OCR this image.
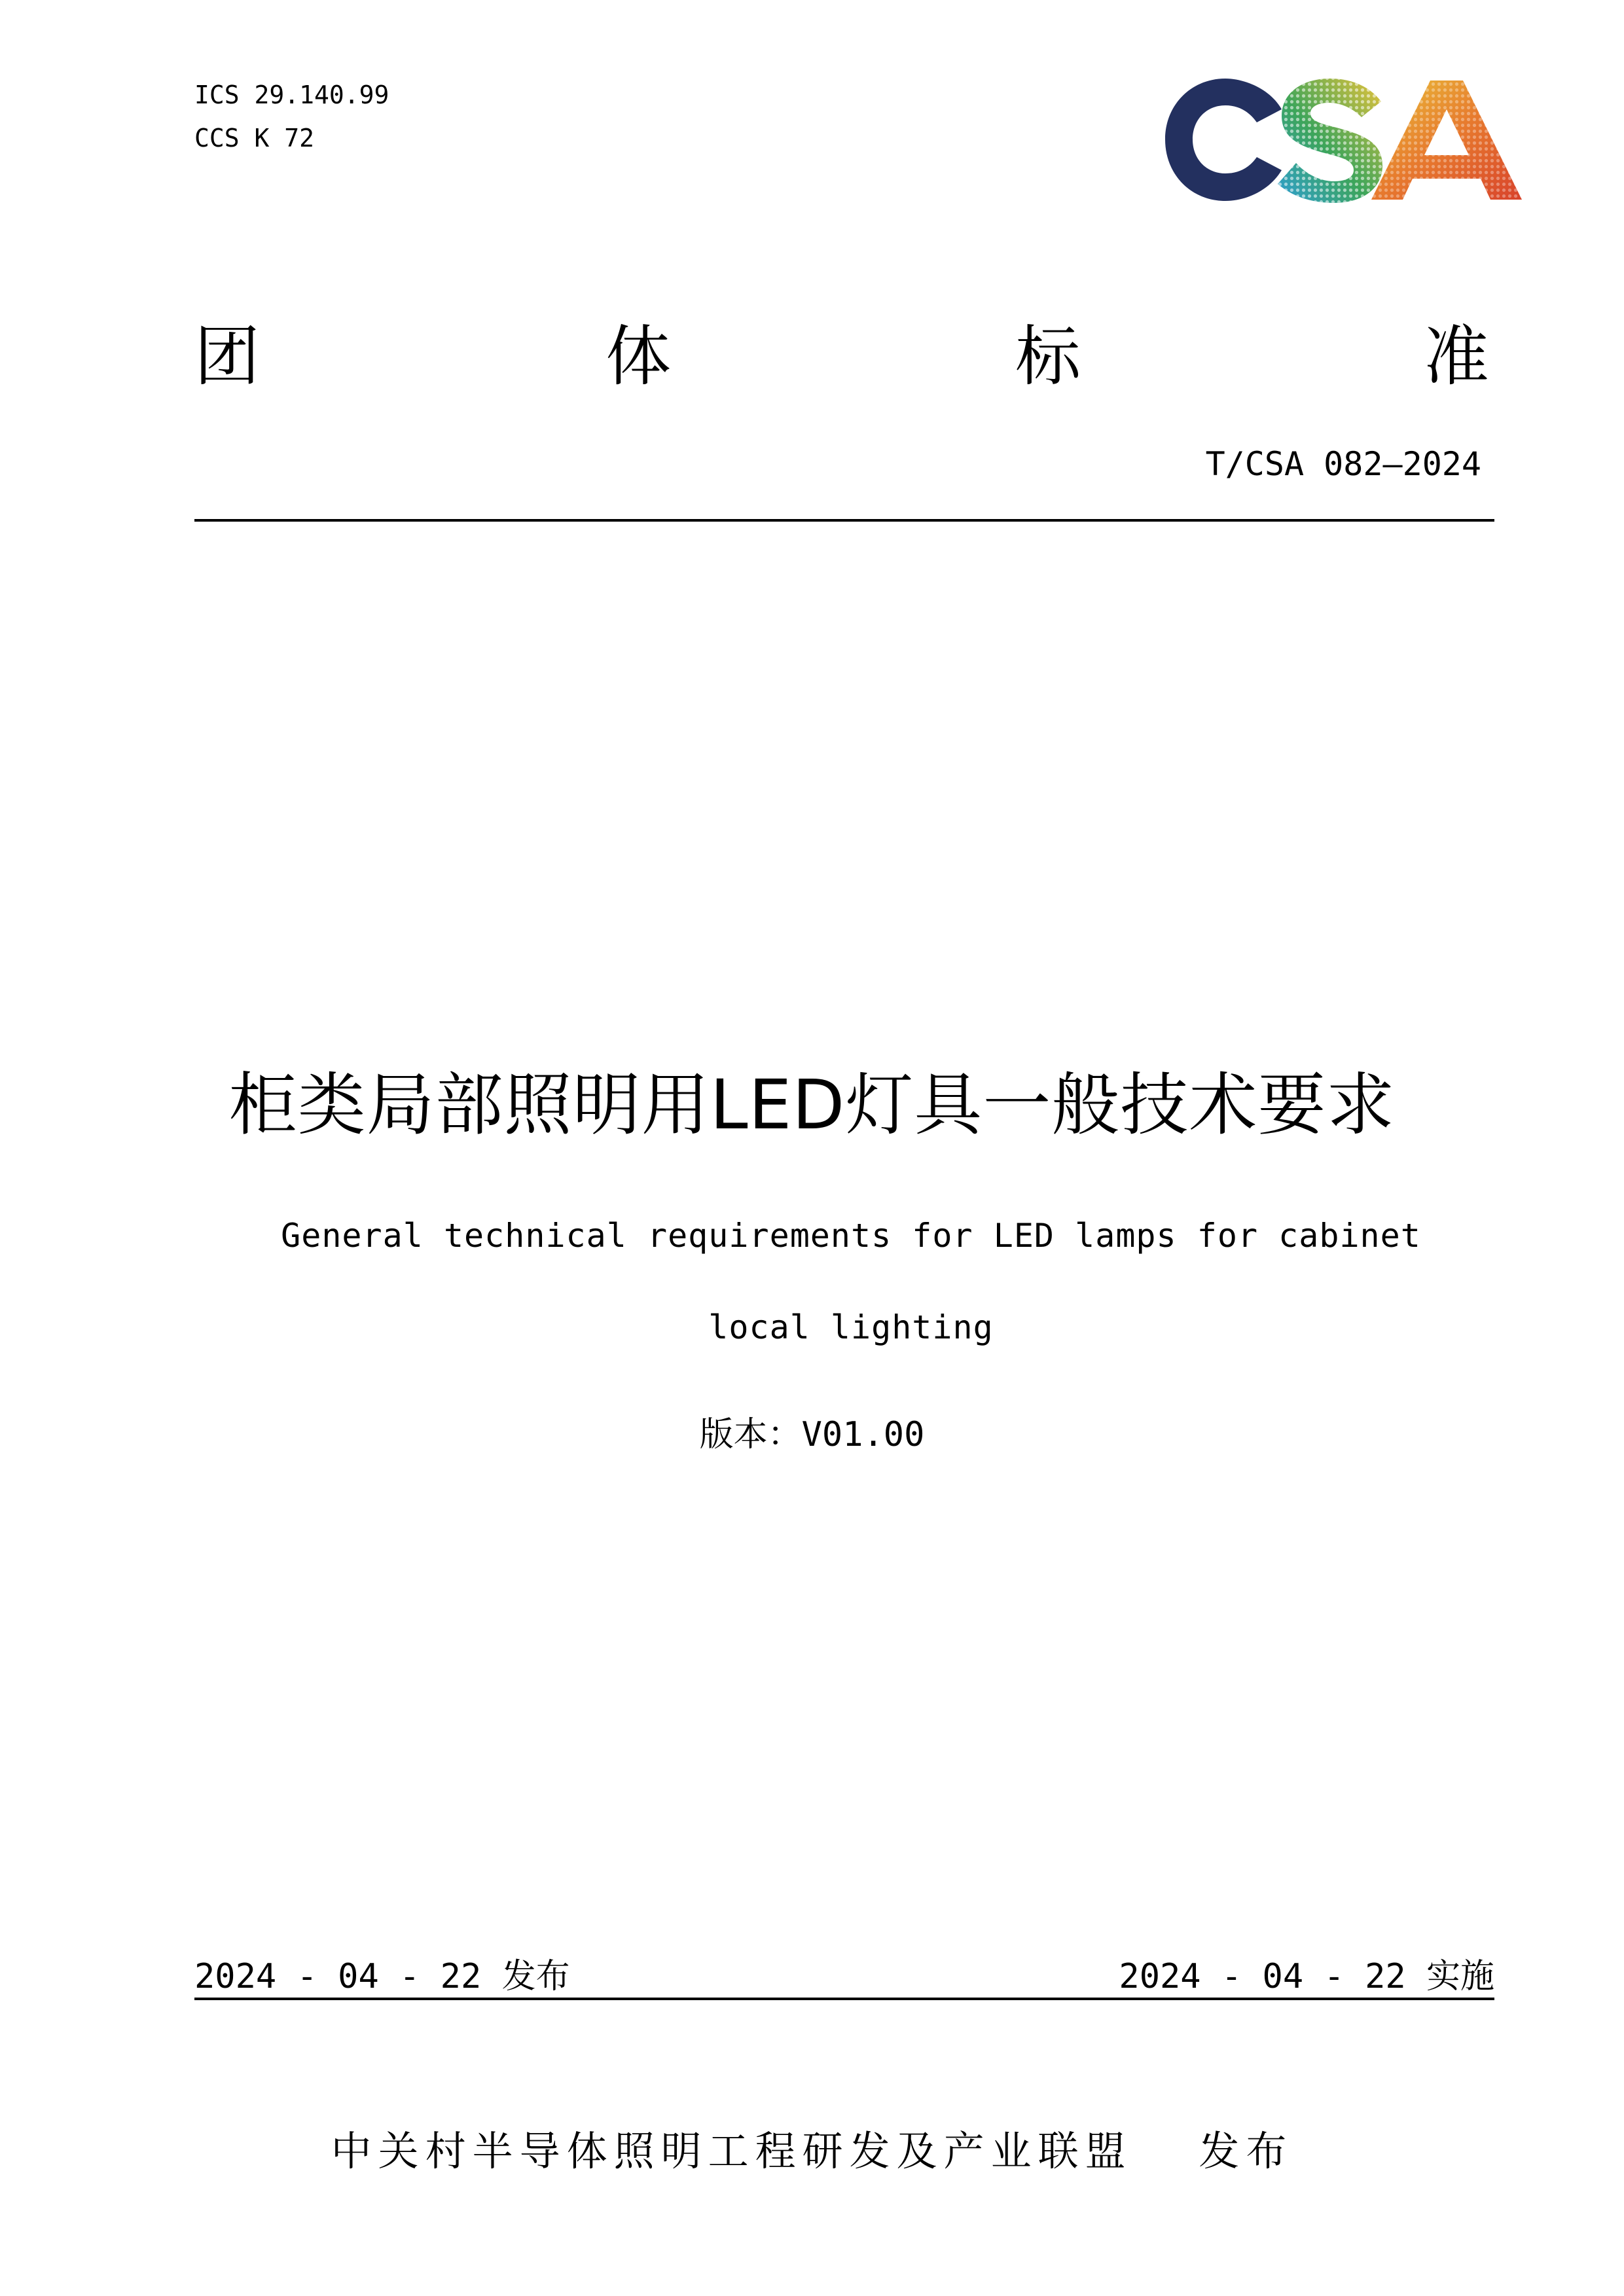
ICS 29.140.99
CCS K 72
团	体	标	准
T/CSA 082—2024
柜类局部照明用LED灯具一般技术要求
General technical requirements for LED lamps for cabinet local lighting
版本：V01.00
2024 - 04 - 22 发布	2024 - 04 - 22 实施
中关村半导体照明工程研发及产业联盟　 发布
